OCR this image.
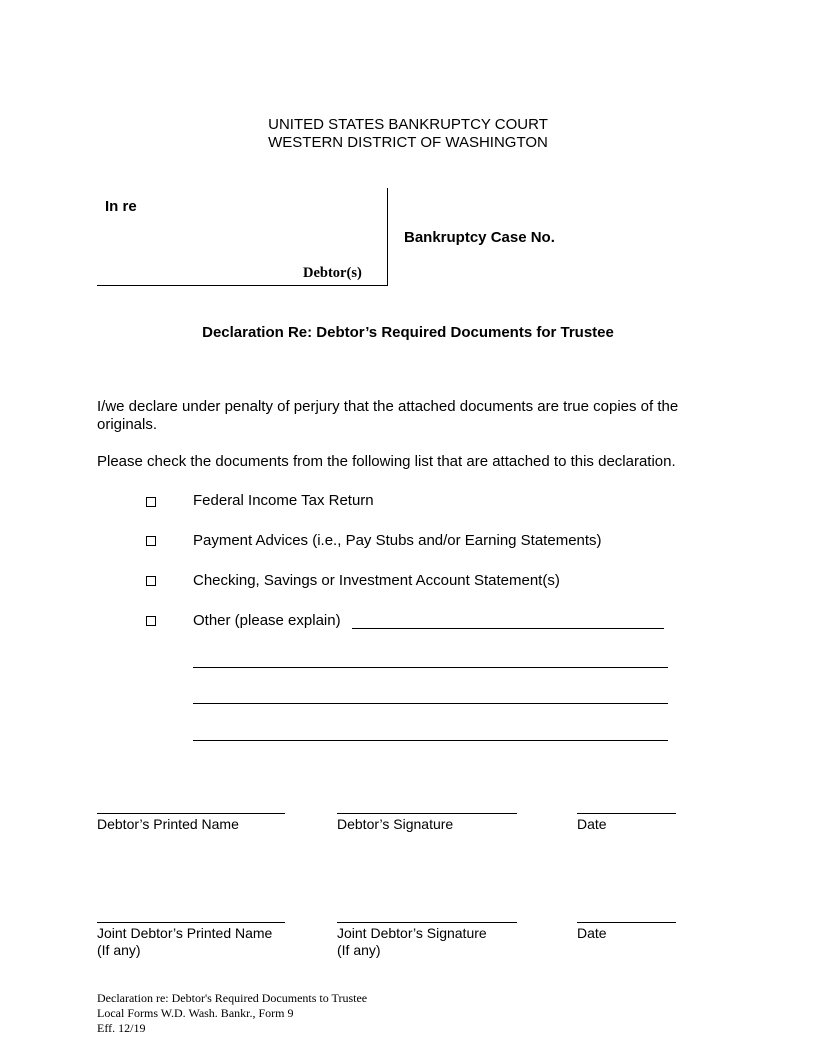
UNITED STATES BANKRUPTCY COURT
WESTERN DISTRICT OF WASHINGTON
In re
Debtor(s)
Bankruptcy Case No.
Declaration Re: Debtor’s Required Documents for Trustee
I/we declare under penalty of perjury that the attached documents are true copies of the
originals.
Please check the documents from the following list that are attached to this declaration.
Federal Income Tax Return
Payment Advices (i.e., Pay Stubs and/or Earning Statements)
Checking, Savings or Investment Account Statement(s)
Other (please explain)
Debtor’s Printed Name	Debtor’s Signature	Date
Joint Debtor’s Printed Name
(If any)
Joint Debtor’s Signature
(If any)
Date
Declaration re: Debtor's Required Documents to Trustee
Local Forms W.D. Wash. Bankr., Form 9
Eff. 12/19
